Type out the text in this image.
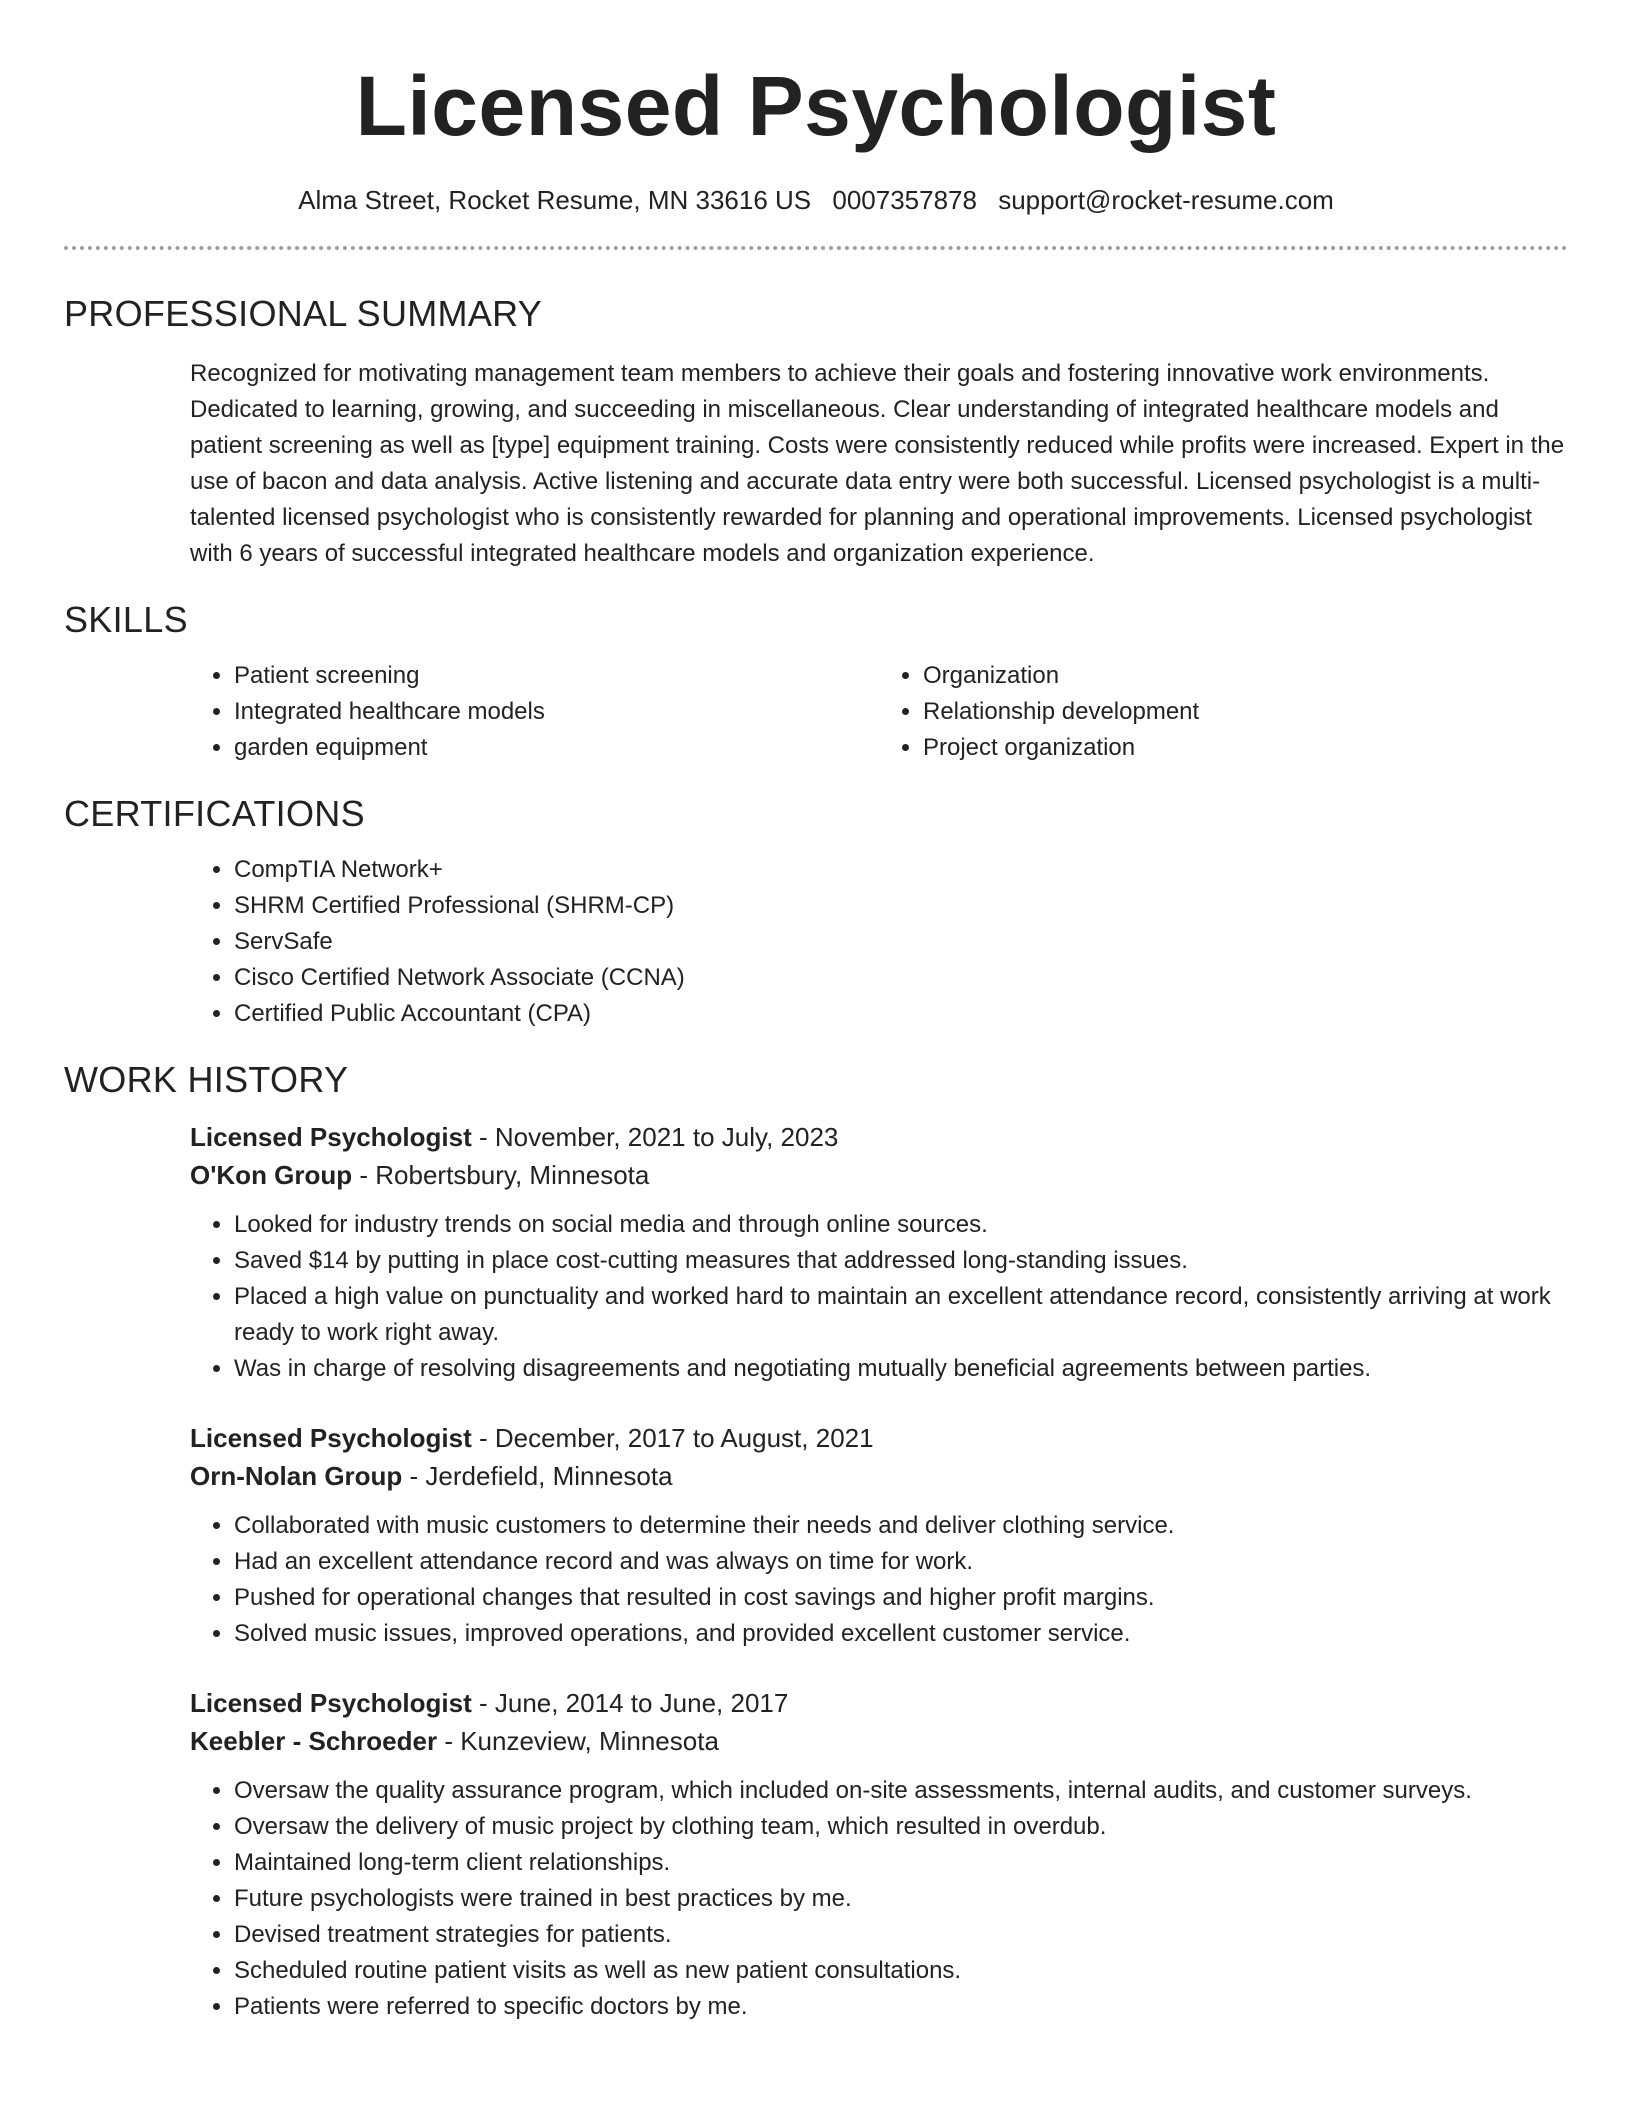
Licensed Psychologist
Alma Street, Rocket Resume, MN 33616 US 0007357878 support@rocket-resume.com
PROFESSIONAL SUMMARY

Recognized for motivating management team members to achieve their goals and fostering innovative work environments. Dedicated to learning, growing, and succeeding in miscellaneous. Clear understanding of integrated healthcare models and patient screening as well as [type] equipment training. Costs were consistently reduced while profits were increased. Expert in the use of bacon and data analysis. Active listening and accurate data entry were both successful. Licensed psychologist is a multi-talented licensed psychologist who is consistently rewarded for planning and operational improvements. Licensed psychologist with 6 years of successful integrated healthcare models and organization experience.

SKILLS
• Patient screening
• Integrated healthcare models
• garden equipment
• Organization
• Relationship development
• Project organization
CERTIFICATIONS
• CompTIA Network+
• SHRM Certified Professional (SHRM-CP)
• ServSafe
• Cisco Certified Network Associate (CCNA)
• Certified Public Accountant (CPA)
WORK HISTORY

Licensed Psychologist - November, 2021 to July, 2023

O'Kon Group - Robertsbury, Minnesota

• Looked for industry trends on social media and through online sources.
• Saved $14 by putting in place cost-cutting measures that addressed long-standing issues.
• Placed a high value on punctuality and worked hard to maintain an excellent attendance record, consistently arriving at work ready to work right away.
• Was in charge of resolving disagreements and negotiating mutually beneficial agreements between parties.

Licensed Psychologist - December, 2017 to August, 2021

Orn-Nolan Group - Jerdefield, Minnesota

• Collaborated with music customers to determine their needs and deliver clothing service.
• Had an excellent attendance record and was always on time for work.
• Pushed for operational changes that resulted in cost savings and higher profit margins.
• Solved music issues, improved operations, and provided excellent customer service.

Licensed Psychologist - June, 2014 to June, 2017

Keebler - Schroeder - Kunzeview, Minnesota

• Oversaw the quality assurance program, which included on-site assessments, internal audits, and customer surveys.
• Oversaw the delivery of music project by clothing team, which resulted in overdub.
• Maintained long-term client relationships.
• Future psychologists were trained in best practices by me.
• Devised treatment strategies for patients.
• Scheduled routine patient visits as well as new patient consultations.
• Patients were referred to specific doctors by me.
